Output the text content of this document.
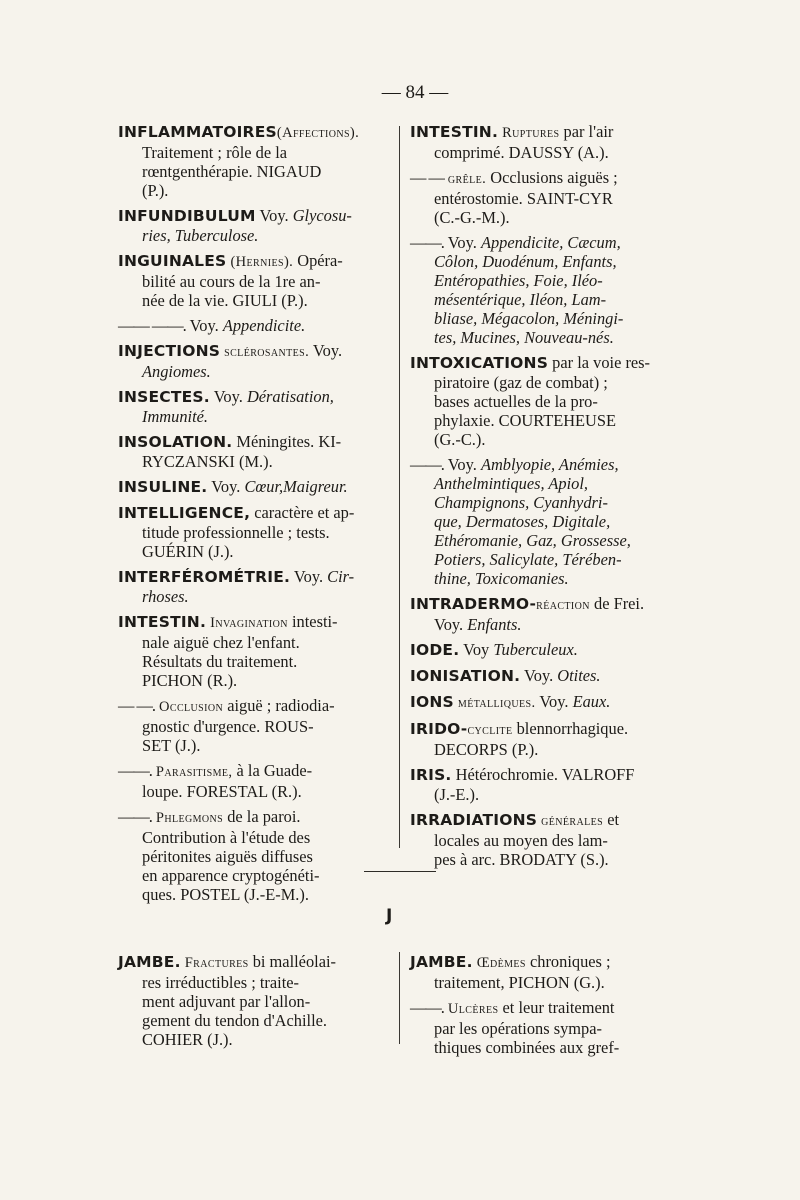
— 84 —
INFLAMMATOIRES(Affections).
Traitement ; rôle de la
rœntgenthérapie. NIGAUD
(P.).
INFUNDIBULUM Voy. Glycosu-
ries, Tuberculose.
INGUINALES (Hernies). Opéra-
bilité au cours de la 1re an-
née de la vie. GIULI (P.).
—— ——. Voy. Appendicite.
INJECTIONS sclérosantes. Voy.
Angiomes.
INSECTES. Voy. Dératisation,
Immunité.
INSOLATION. Méningites. KI-
RYCZANSKI (M.).
INSULINE. Voy. Cœur,Maigreur.
INTELLIGENCE, caractère et ap-
titude professionnelle ; tests.
GUÉRIN (J.).
INTERFÉROMÉTRIE. Voy. Cir-
rhoses.
INTESTIN. Invagination intesti-
nale aiguë chez l'enfant.
Résultats du traitement.
PICHON (R.).
— —. Occlusion aiguë ; radiodia-
gnostic d'urgence. ROUS-
SET (J.).
——. Parasitisme, à la Guade-
loupe. FORESTAL (R.).
——. Phlegmons de la paroi.
Contribution à l'étude des
péritonites aiguës diffuses
en apparence cryptogénéti-
ques. POSTEL (J.-E-M.).
INTESTIN. Ruptures par l'air
comprimé. DAUSSY (A.).
— — grêle. Occlusions aiguës ;
entérostomie. SAINT-CYR
(C.-G.-M.).
——. Voy. Appendicite, Cæcum,
Côlon, Duodénum, Enfants,
Entéropathies, Foie, Iléo-
mésentérique, Iléon, Lam-
bliase, Mégacolon, Méningi-
tes, Mucines, Nouveau-nés.
INTOXICATIONS par la voie res-
piratoire (gaz de combat) ;
bases actuelles de la pro-
phylaxie. COURTEHEUSE
(G.-C.).
——. Voy. Amblyopie, Anémies,
Anthelmintiques, Apiol,
Champignons, Cyanhydri-
que, Dermatoses, Digitale,
Ethéromanie, Gaz, Grossesse,
Potiers, Salicylate, Térében-
thine, Toxicomanies.
INTRADERMO-réaction de Frei.
Voy. Enfants.
IODE. Voy Tuberculeux.
IONISATION. Voy. Otites.
IONS métalliques. Voy. Eaux.
IRIDO-cyclite blennorrhagique.
DECORPS (P.).
IRIS. Hétérochromie. VALROFF
(J.-E.).
IRRADIATIONS générales et
locales au moyen des lam-
pes à arc. BRODATY (S.).
J
JAMBE. Fractures bi malléolai-
res irréductibles ; traite-
ment adjuvant par l'allon-
gement du tendon d'Achille.
COHIER (J.).
JAMBE. Œdèmes chroniques ;
traitement, PICHON (G.).
——. Ulcères et leur traitement
par les opérations sympa-
thiques combinées aux gref-
